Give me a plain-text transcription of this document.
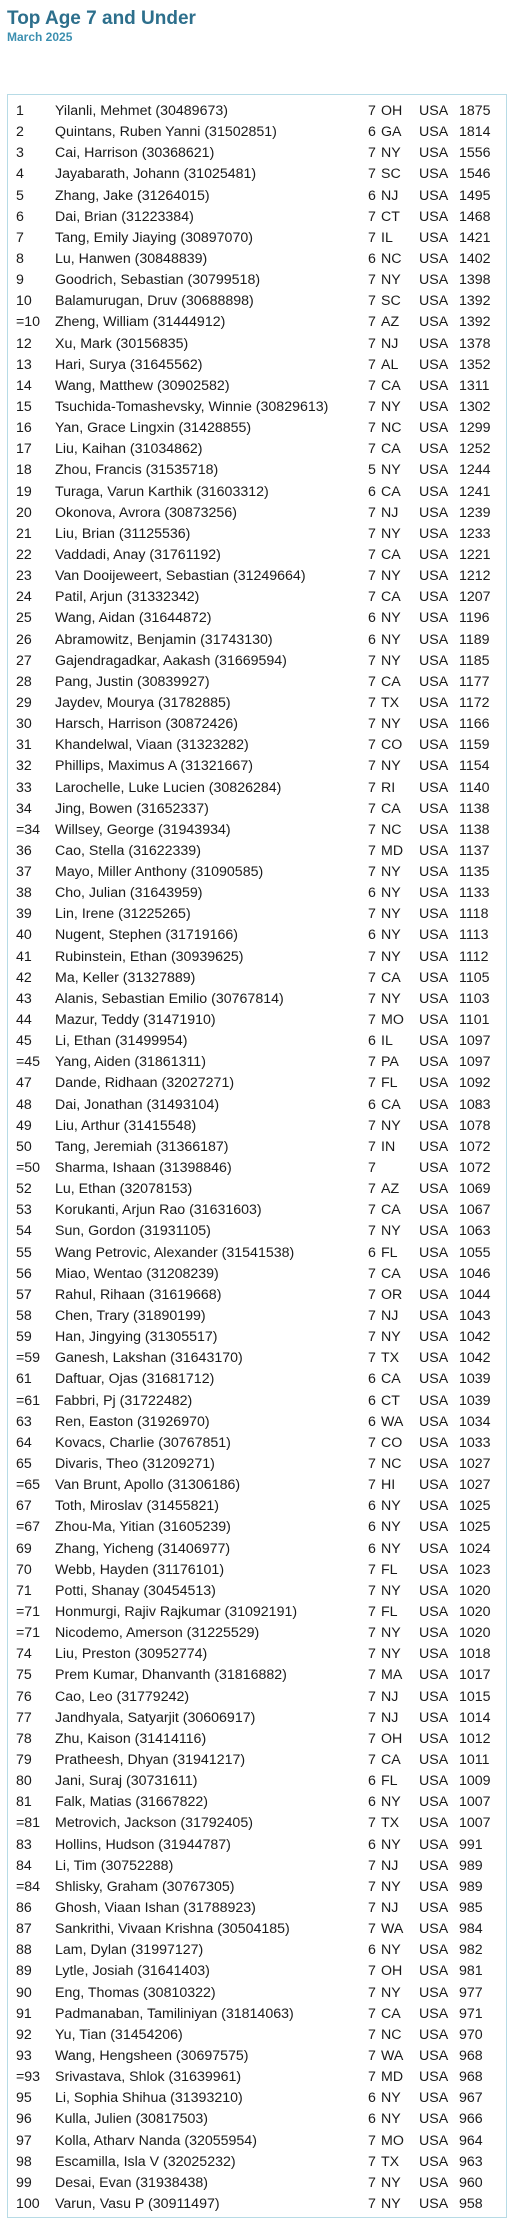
Top Age 7 and Under
March 2025
1 Yilanli, Mehmet (30489673)	7 OH USA 1875
2 Quintans, Ruben Yanni (31502851)	6 GA USA 1814
3 Cai, Harrison (30368621)	7 NY USA 1556
4 Jayabarath, Johann (31025481)	7 SC USA 1546
5 Zhang, Jake (31264015)	6 NJ USA 1495
6 Dai, Brian (31223384)	7 CT USA 1468
7 Tang, Emily Jiaying (30897070)	7 IL USA 1421
8 Lu, Hanwen (30848839)	6 NC USA 1402
9 Goodrich, Sebastian (30799518)	7 NY USA 1398
10 Balamurugan, Druv (30688898)	7 SC USA 1392
=10 Zheng, William (31444912)	7 AZ USA 1392
12 Xu, Mark (30156835)	7 NJ USA 1378
13 Hari, Surya (31645562)	7 AL USA 1352
14 Wang, Matthew (30902582)	7 CA USA 1311
15 Tsuchida-Tomashevsky, Winnie (30829613)	7 NY USA 1302
16 Yan, Grace Lingxin (31428855)	7 NC USA 1299
17 Liu, Kaihan (31034862)	7 CA USA 1252
18 Zhou, Francis (31535718)	5 NY USA 1244
19 Turaga, Varun Karthik (31603312)	6 CA USA 1241
20 Okonova, Avrora (30873256)	7 NJ USA 1239
21 Liu, Brian (31125536)	7 NY USA 1233
22 Vaddadi, Anay (31761192)	7 CA USA 1221
23 Van Dooijeweert, Sebastian (31249664)	7 NY USA 1212
24 Patil, Arjun (31332342)	7 CA USA 1207
25 Wang, Aidan (31644872)	6 NY USA 1196
26 Abramowitz, Benjamin (31743130)	6 NY USA 1189
27 Gajendragadkar, Aakash (31669594)	7 NY USA 1185
28 Pang, Justin (30839927)	7 CA USA 1177
29 Jaydev, Mourya (31782885)	7 TX USA 1172
30 Harsch, Harrison (30872426)	7 NY USA 1166
31 Khandelwal, Viaan (31323282)	7 CO USA 1159
32 Phillips, Maximus A (31321667)	7 NY USA 1154
33 Larochelle, Luke Lucien (30826284)	7 RI USA 1140
34 Jing, Bowen (31652337)	7 CA USA 1138
=34 Willsey, George (31943934)	7 NC USA 1138
36 Cao, Stella (31622339)	7 MD USA 1137
37 Mayo, Miller Anthony (31090585)	7 NY USA 1135
38 Cho, Julian (31643959)	6 NY USA 1133
39 Lin, Irene (31225265)	7 NY USA 1118
40 Nugent, Stephen (31719166)	6 NY USA 1113
41 Rubinstein, Ethan (30939625)	7 NY USA 1112
42 Ma, Keller (31327889)	7 CA USA 1105
43 Alanis, Sebastian Emilio (30767814)	7 NY USA 1103
44 Mazur, Teddy (31471910)	7 MO USA 1101
45 Li, Ethan (31499954)	6 IL USA 1097
=45 Yang, Aiden (31861311)	7 PA USA 1097
47 Dande, Ridhaan (32027271)	7 FL USA 1092
48 Dai, Jonathan (31493104)	6 CA USA 1083
49 Liu, Arthur (31415548)	7 NY USA 1078
50 Tang, Jeremiah (31366187)	7 IN USA 1072
=50 Sharma, Ishaan (31398846)	7	USA 1072
52 Lu, Ethan (32078153)	7 AZ USA 1069
53 Korukanti, Arjun Rao (31631603)	7 CA USA 1067
54 Sun, Gordon (31931105)	7 NY USA 1063
55 Wang Petrovic, Alexander (31541538)	6 FL USA 1055
56 Miao, Wentao (31208239)	7 CA USA 1046
57 Rahul, Rihaan (31619668)	7 OR USA 1044
58 Chen, Trary (31890199)	7 NJ USA 1043
59 Han, Jingying (31305517)	7 NY USA 1042
=59 Ganesh, Lakshan (31643170)	7 TX USA 1042
61 Daftuar, Ojas (31681712)	6 CA USA 1039
=61 Fabbri, Pj (31722482)	6 CT USA 1039
63 Ren, Easton (31926970)	6 WA USA 1034
64 Kovacs, Charlie (30767851)	7 CO USA 1033
65 Divaris, Theo (31209271)	7 NC USA 1027
=65 Van Brunt, Apollo (31306186)	7 HI USA 1027
67 Toth, Miroslav (31455821)	6 NY USA 1025
=67 Zhou-Ma, Yitian (31605239)	6 NY USA 1025
69 Zhang, Yicheng (31406977)	6 NY USA 1024
70 Webb, Hayden (31176101)	7 FL USA 1023
71 Potti, Shanay (30454513)	7 NY USA 1020
=71 Honmurgi, Rajiv Rajkumar (31092191)	7 FL USA 1020
=71 Nicodemo, Amerson (31225529)	7 NY USA 1020
74 Liu, Preston (30952774)	7 NY USA 1018
75 Prem Kumar, Dhanvanth (31816882)	7 MA USA 1017
76 Cao, Leo (31779242)	7 NJ USA 1015
77 Jandhyala, Satyarjit (30606917)	7 NJ USA 1014
78 Zhu, Kaison (31414116)	7 OH USA 1012
79 Pratheesh, Dhyan (31941217)	7 CA USA 1011
80 Jani, Suraj (30731611)	6 FL USA 1009
81 Falk, Matias (31667822)	6 NY USA 1007
=81 Metrovich, Jackson (31792405)	7 TX USA 1007
83 Hollins, Hudson (31944787)	6 NY USA 991
84 Li, Tim (30752288)	7 NJ USA 989
=84 Shlisky, Graham (30767305)	7 NY USA 989
86 Ghosh, Viaan Ishan (31788923)	7 NJ USA 985
87 Sankrithi, Vivaan Krishna (30504185)	7 WA USA 984
88 Lam, Dylan (31997127)	6 NY USA 982
89 Lytle, Josiah (31641403)	7 OH USA 981
90 Eng, Thomas (30810322)	7 NY USA 977
91 Padmanaban, Tamiliniyan (31814063)	7 CA USA 971
92 Yu, Tian (31454206)	7 NC USA 970
93 Wang, Hengsheen (30697575)	7 WA USA 968
=93 Srivastava, Shlok (31639961)	7 MD USA 968
95 Li, Sophia Shihua (31393210)	6 NY USA 967
96 Kulla, Julien (30817503)	6 NY USA 966
97 Kolla, Atharv Nanda (32055954)	7 MO USA 964
98 Escamilla, Isla V (32025232)	7 TX USA 963
99 Desai, Evan (31938438)	7 NY USA 960
100 Varun, Vasu P (30911497)	7 NY USA 958
